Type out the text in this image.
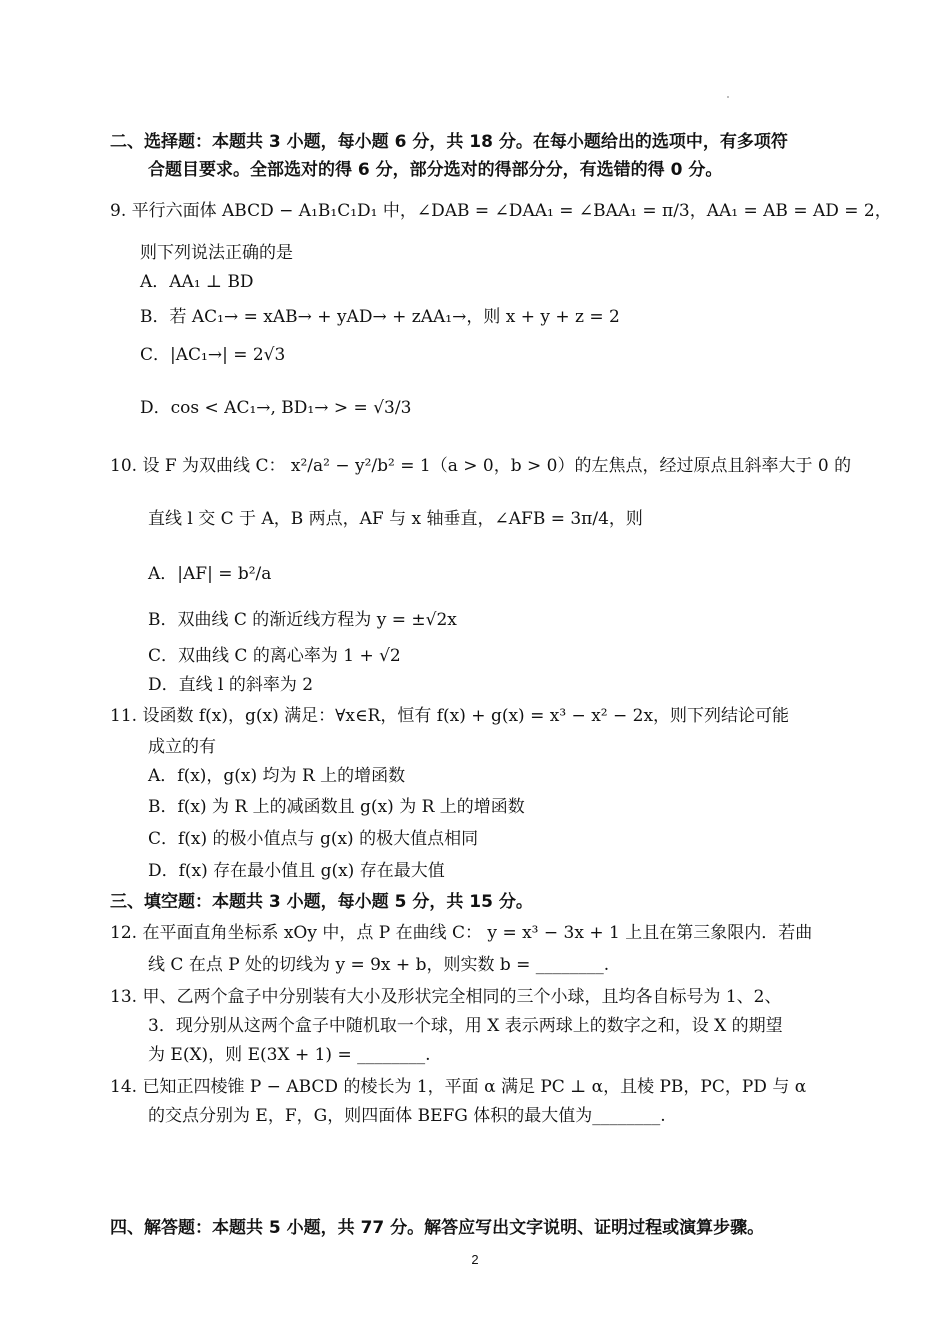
二、选择题：本题共 3 小题，每小题 6 分，共 18 分。在每小题给出的选项中，有多项符
合题目要求。全部选对的得 6 分，部分选对的得部分分，有选错的得 0 分。
9. 平行六面体 ABCD − A₁B₁C₁D₁ 中，∠DAB = ∠DAA₁ = ∠BAA₁ = π/3，AA₁ = AB = AD = 2，
则下列说法正确的是
A．AA₁ ⊥ BD
B．若 AC₁→ = xAB→ + yAD→ + zAA₁→，则 x + y + z = 2
C．|AC₁→| = 2√3
D．cos < AC₁→, BD₁→ > = √3/3
10. 设 F 为双曲线 C： x²/a² − y²/b² = 1（a > 0，b > 0）的左焦点，经过原点且斜率大于 0 的
直线 l 交 C 于 A，B 两点，AF 与 x 轴垂直，∠AFB = 3π/4，则
A．|AF| = b²/a
B．双曲线 C 的渐近线方程为 y = ±√2x
C．双曲线 C 的离心率为 1 + √2
D．直线 l 的斜率为 2
11. 设函数 f(x)，g(x) 满足：∀x∈R，恒有 f(x) + g(x) = x³ − x² − 2x，则下列结论可能
成立的有
A．f(x)，g(x) 均为 R 上的增函数
B．f(x) 为 R 上的减函数且 g(x) 为 R 上的增函数
C．f(x) 的极小值点与 g(x) 的极大值点相同
D．f(x) 存在最小值且 g(x) 存在最大值
三、填空题：本题共 3 小题，每小题 5 分，共 15 分。
12. 在平面直角坐标系 xOy 中，点 P 在曲线 C： y = x³ − 3x + 1 上且在第三象限内．若曲
线 C 在点 P 处的切线为 y = 9x + b，则实数 b = ________.
13. 甲、乙两个盒子中分别装有大小及形状完全相同的三个小球，且均各自标号为 1、2、
3．现分别从这两个盒子中随机取一个球，用 X 表示两球上的数字之和，设 X 的期望
为 E(X)，则 E(3X + 1) = ________.
14. 已知正四棱锥 P − ABCD 的棱长为 1，平面 α 满足 PC ⊥ α，且棱 PB，PC，PD 与 α
的交点分别为 E，F，G，则四面体 BEFG 体积的最大值为________.
四、解答题：本题共 5 小题，共 77 分。解答应写出文字说明、证明过程或演算步骤。
2
